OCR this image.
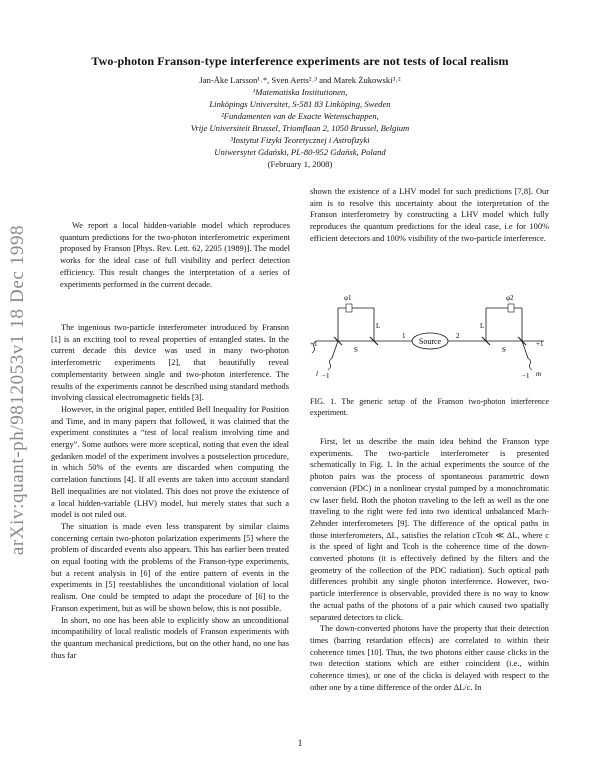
Two-photon Franson-type interference experiments are not tests of local realism
Jan-Åke Larsson¹˒*, Sven Aerts²˒³ and Marek Żukowski³˒²
¹Matematiska Institutionen,
Linköpings Universitet, S-581 83 Linköping, Sweden
²Fundamenten van de Exacte Wetenschappen,
Vrije Universiteit Brussel, Triomflaan 2, 1050 Brussel, Belgium
³Instytut Fizyki Teoretycznej i Astrofizyki
Uniwersytet Gdański, PL-80-952 Gdańsk, Poland
(February 1, 2008)
arXiv:quant-ph/9812053v1 18 Dec 1998	We report a local hidden-variable model which reproduces quantum predictions for the two-photon interferometric experiment proposed by Franson [Phys. Rev. Lett. 62, 2205 (1989)]. The model works for the ideal case of full visibility and perfect detection efficiency. This result changes the interpretation of a series of experiments performed in the current decade.

The ingenious two-particle interferometer introduced by Franson [1] is an exciting tool to reveal properties of entangled states. In the current decade this device was used in many two-photon interferometric experiments [2], that beautifully reveal complementarity between single and two-photon interference. The results of the experiments cannot be described using standard methods involving classical electromagnetic fields [3].

However, in the original paper, entitled Bell Inequality for Position and Time, and in many papers that followed, it was claimed that the experiment constitutes a “test of local realism involving time and energy”. Some authors were more sceptical, noting that even the ideal gedanken model of the experiment involves a postselection procedure, in which 50% of the events are discarded when computing the correlation functions [4]. If all events are taken into account standard Bell inequalities are not violated. This does not prove the existence of a local hidden-variable (LHV) model, but merely states that such a model is not ruled out.

The situation is made even less transparent by similar claims concerning certain two-photon polarization experiments [5] where the problem of discarded events also appears. This has earlier been treated on equal footing with the problems of the Franson-type experiments, but a recent analysis in [6] of the entire pattern of events in the experiments in [5] reestablishes the unconditional violation of local realism. One could be tempted to adapt the procedure of [6] to the Franson experiment, but as will be shown below, this is not possible.

In short, no one has been able to explicitly show an unconditional incompatibility of local realistic models of Franson experiments with the quantum mechanical predictions, but on the other hand, no one has thus far

shown the existence of a LHV model for such predictions [7,8]. Our aim is to resolve this uncertainty about the interpretation of the Franson interferometry by constructing a LHV model which fully reproduces the quantum predictions for the ideal case, i.e for 100% efficient detectors and 100% visibility of the two-particle interference.

Source
φ1	φ2
L	L
S	S
1	2
+1	+1
−1	−1
l	m
FIG. 1. The generic setup of the Franson two-photon interference experiment.

First, let us describe the main idea behind the Franson type experiments. The two-particle interferometer is presented schematically in Fig. 1. In the actual experiments the source of the photon pairs was the process of spontaneous parametric down conversion (PDC) in a nonlinear crystal pumped by a monochromatic cw laser field. Both the photon traveling to the left as well as the one traveling to the right were fed into two identical unbalanced Mach-Zehnder interferometers [9]. The difference of the optical paths in those interferometers, ΔL, satisfies the relation cTcoh ≪ ΔL, where c is the speed of light and Tcoh is the coherence time of the down-converted photons (it is effectively defined by the filters and the geometry of the collection of the PDC radiation). Such optical path differences prohibit any single photon interference. However, two-particle interference is observable, provided there is no way to know the actual paths of the photons of a pair which caused two spatially separated detectors to click.

The down-converted photons have the property that their detection times (barring retardation effects) are correlated to within their coherence times [10]. Thus, the two photons either cause clicks in the two detection stations which are either coincident (i.e., within coherence times), or one of the clicks is delayed with respect to the other one by a time difference of the order ΔL/c. In

1
